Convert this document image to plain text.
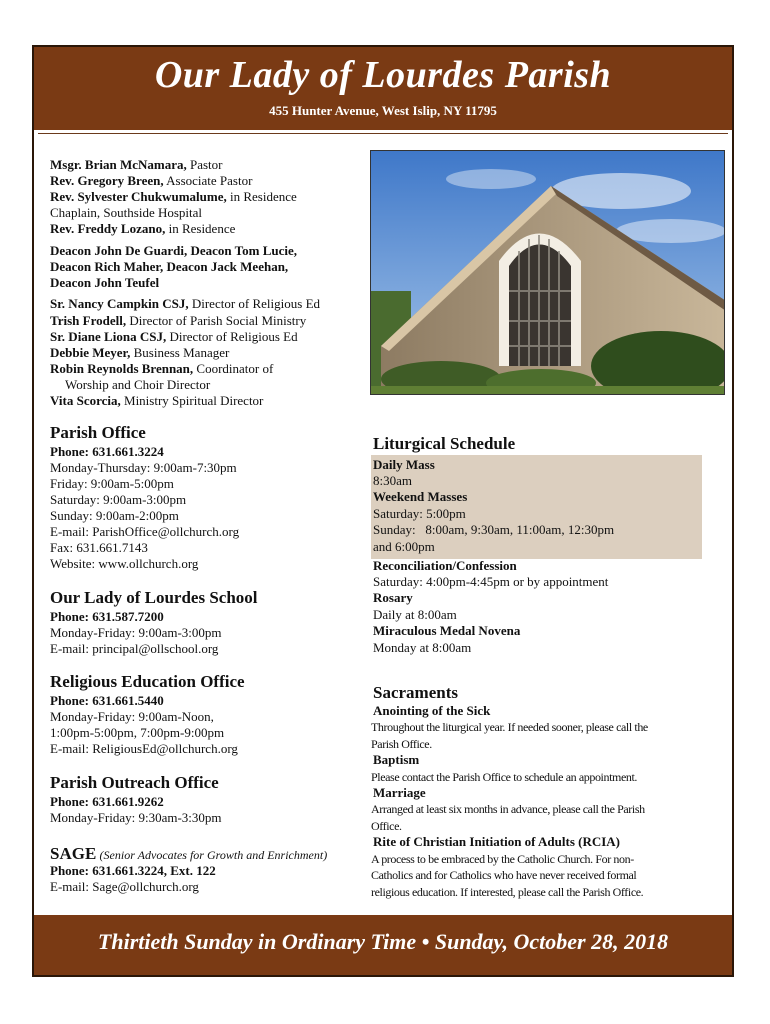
Our Lady of Lourdes Parish
455 Hunter Avenue, West Islip, NY 11795
Msgr. Brian McNamara, Pastor
Rev. Gregory Breen, Associate Pastor
Rev. Sylvester Chukwumalume, in Residence
Chaplain, Southside Hospital
Rev. Freddy Lozano, in Residence
Deacon John De Guardi, Deacon Tom Lucie,
Deacon Rich Maher, Deacon Jack Meehan,
Deacon John Teufel
Sr. Nancy Campkin CSJ, Director of Religious Ed
Trish Frodell, Director of Parish Social Ministry
Sr. Diane Liona CSJ, Director of Religious Ed
Debbie Meyer, Business Manager
Robin Reynolds Brennan, Coordinator of
Worship and Choir Director
Vita Scorcia, Ministry Spiritual Director
Parish Office
Phone: 631.661.3224
Monday-Thursday: 9:00am-7:30pm
Friday: 9:00am-5:00pm
Saturday: 9:00am-3:00pm
Sunday: 9:00am-2:00pm
E-mail: ParishOffice@ollchurch.org
Fax: 631.661.7143
Website: www.ollchurch.org
Our Lady of Lourdes School
Phone: 631.587.7200
Monday-Friday: 9:00am-3:00pm
E-mail: principal@ollschool.org
Religious Education Office
Phone: 631.661.5440
Monday-Friday: 9:00am-Noon,
1:00pm-5:00pm, 7:00pm-9:00pm
E-mail: ReligiousEd@ollchurch.org
Parish Outreach Office
Phone: 631.661.9262
Monday-Friday: 9:30am-3:30pm
SAGE (Senior Advocates for Growth and Enrichment)
Phone: 631.661.3224, Ext. 122
E-mail: Sage@ollchurch.org
Liturgical Schedule
Daily Mass
8:30am
Weekend Masses
Saturday: 5:00pm
Sunday:   8:00am, 9:30am, 11:00am, 12:30pm
and 6:00pm
Reconciliation/Confession
Saturday: 4:00pm-4:45pm or by appointment
Rosary
Daily at 8:00am
Miraculous Medal Novena
Monday at 8:00am
Sacraments
Anointing of the Sick
Throughout the liturgical year. If needed sooner, please call the
Parish Office.
Baptism
Please contact the Parish Office to schedule an appointment.
Marriage
Arranged at least six months in advance, please call the Parish
Office.
Rite of Christian Initiation of Adults (RCIA)
A process to be embraced by the Catholic Church. For non-
Catholics and for Catholics who have never received formal
religious education. If interested, please call the Parish Office.
Thirtieth Sunday in Ordinary Time • Sunday, October 28, 2018
